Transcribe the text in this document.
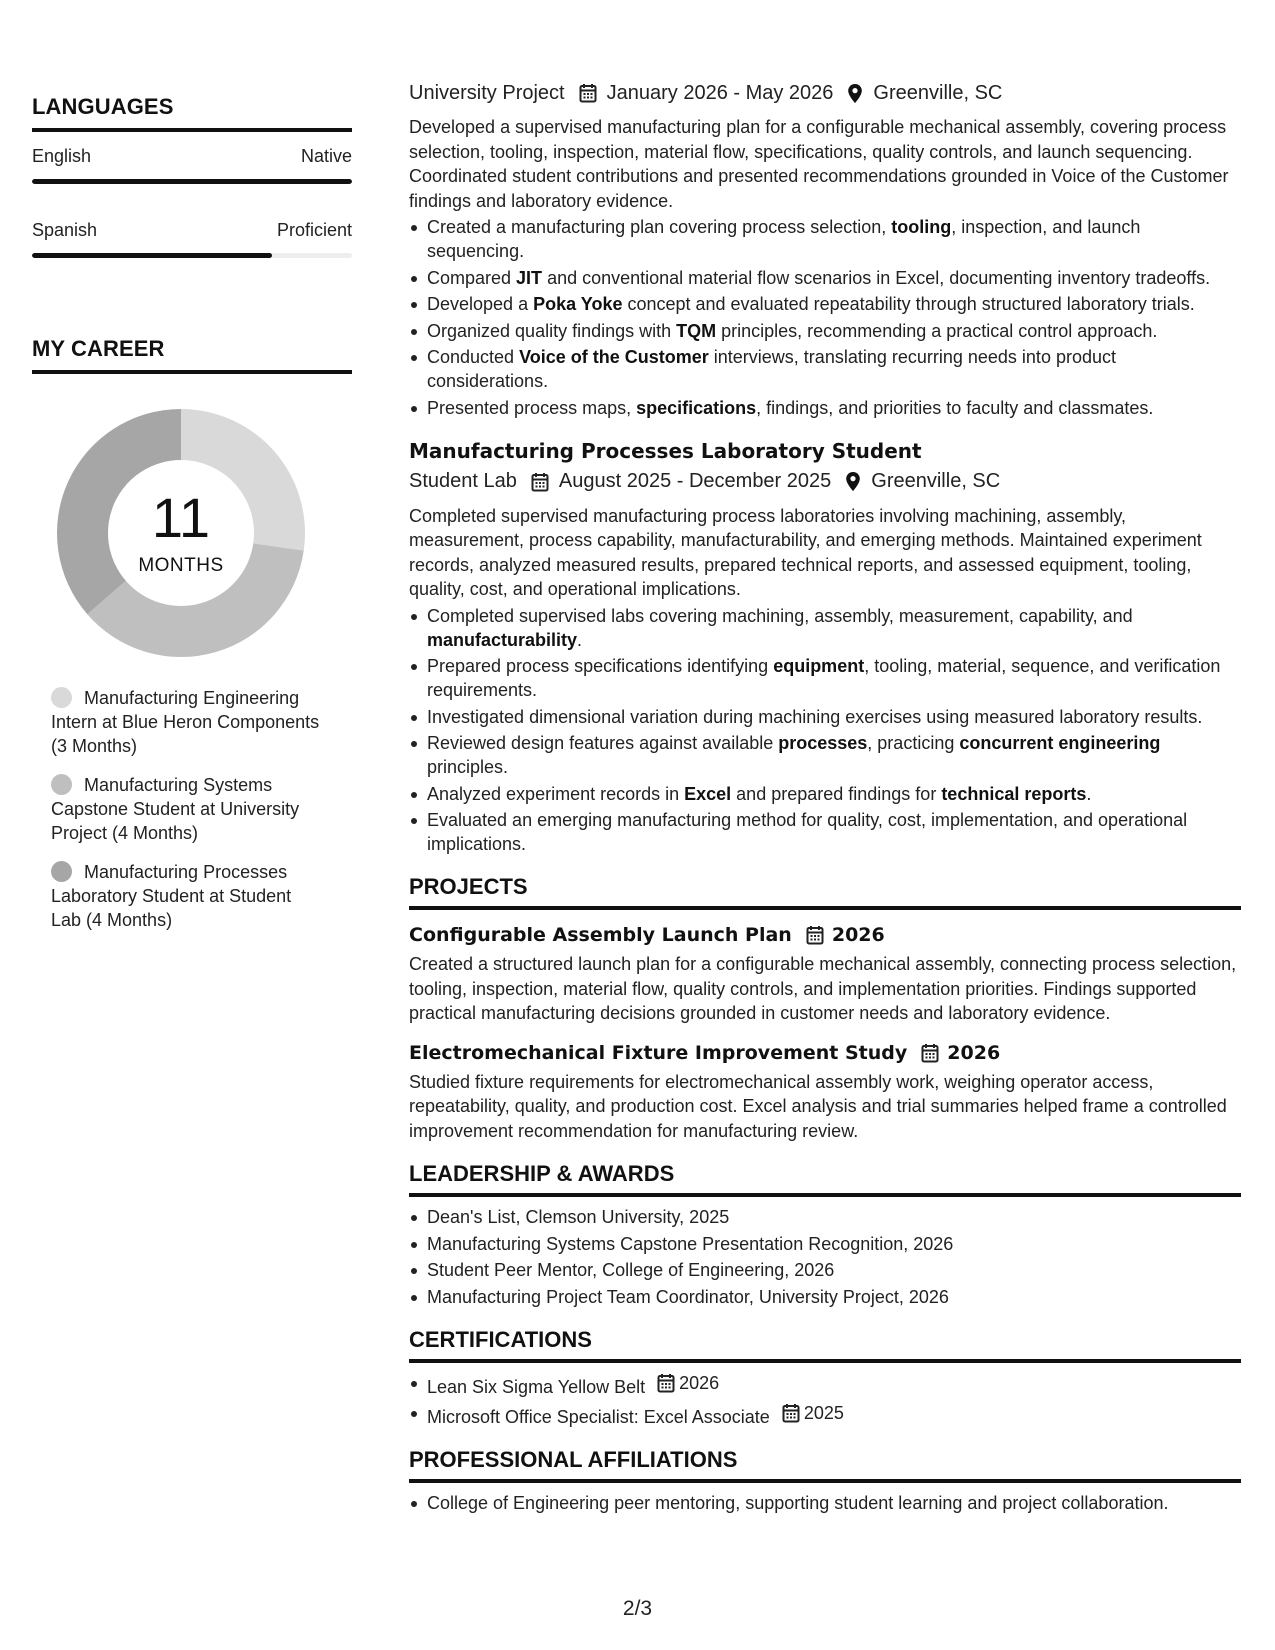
LANGUAGES
English	Native
Spanish	Proficient
MY CAREER
11
MONTHS
Manufacturing Engineering Intern at Blue Heron Components (3 Months)
Manufacturing Systems Capstone Student at University Project (4 Months)
Manufacturing Processes Laboratory Student at Student Lab (4 Months)
University Project January 2026 - May 2026 Greenville, SC
Developed a supervised manufacturing plan for a configurable mechanical assembly, covering process selection, tooling, inspection, material flow, specifications, quality controls, and launch sequencing. Coordinated student contributions and presented recommendations grounded in Voice of the Customer findings and laboratory evidence.
Created a manufacturing plan covering process selection, tooling, inspection, and launch sequencing.
Compared JIT and conventional material flow scenarios in Excel, documenting inventory tradeoffs.
Developed a Poka Yoke concept and evaluated repeatability through structured laboratory trials.
Organized quality findings with TQM principles, recommending a practical control approach.
Conducted Voice of the Customer interviews, translating recurring needs into product considerations.
Presented process maps, specifications, findings, and priorities to faculty and classmates.
Manufacturing Processes Laboratory Student
Student Lab August 2025 - December 2025 Greenville, SC
Completed supervised manufacturing process laboratories involving machining, assembly, measurement, process capability, manufacturability, and emerging methods. Maintained experiment records, analyzed measured results, prepared technical reports, and assessed equipment, tooling, quality, cost, and operational implications.
Completed supervised labs covering machining, assembly, measurement, capability, and manufacturability.
Prepared process specifications identifying equipment, tooling, material, sequence, and verification requirements.
Investigated dimensional variation during machining exercises using measured laboratory results.
Reviewed design features against available processes, practicing concurrent engineering principles.
Analyzed experiment records in Excel and prepared findings for technical reports.
Evaluated an emerging manufacturing method for quality, cost, implementation, and operational implications.
PROJECTS
Configurable Assembly Launch Plan 2026
Created a structured launch plan for a configurable mechanical assembly, connecting process selection, tooling, inspection, material flow, quality controls, and implementation priorities. Findings supported practical manufacturing decisions grounded in customer needs and laboratory evidence.
Electromechanical Fixture Improvement Study 2026
Studied fixture requirements for electromechanical assembly work, weighing operator access, repeatability, quality, and production cost. Excel analysis and trial summaries helped frame a controlled improvement recommendation for manufacturing review.
LEADERSHIP & AWARDS
Dean's List, Clemson University, 2025
Manufacturing Systems Capstone Presentation Recognition, 2026
Student Peer Mentor, College of Engineering, 2026
Manufacturing Project Team Coordinator, University Project, 2026
CERTIFICATIONS
Lean Six Sigma Yellow Belt 2026
Microsoft Office Specialist: Excel Associate 2025
PROFESSIONAL AFFILIATIONS
College of Engineering peer mentoring, supporting student learning and project collaboration.
2/3
